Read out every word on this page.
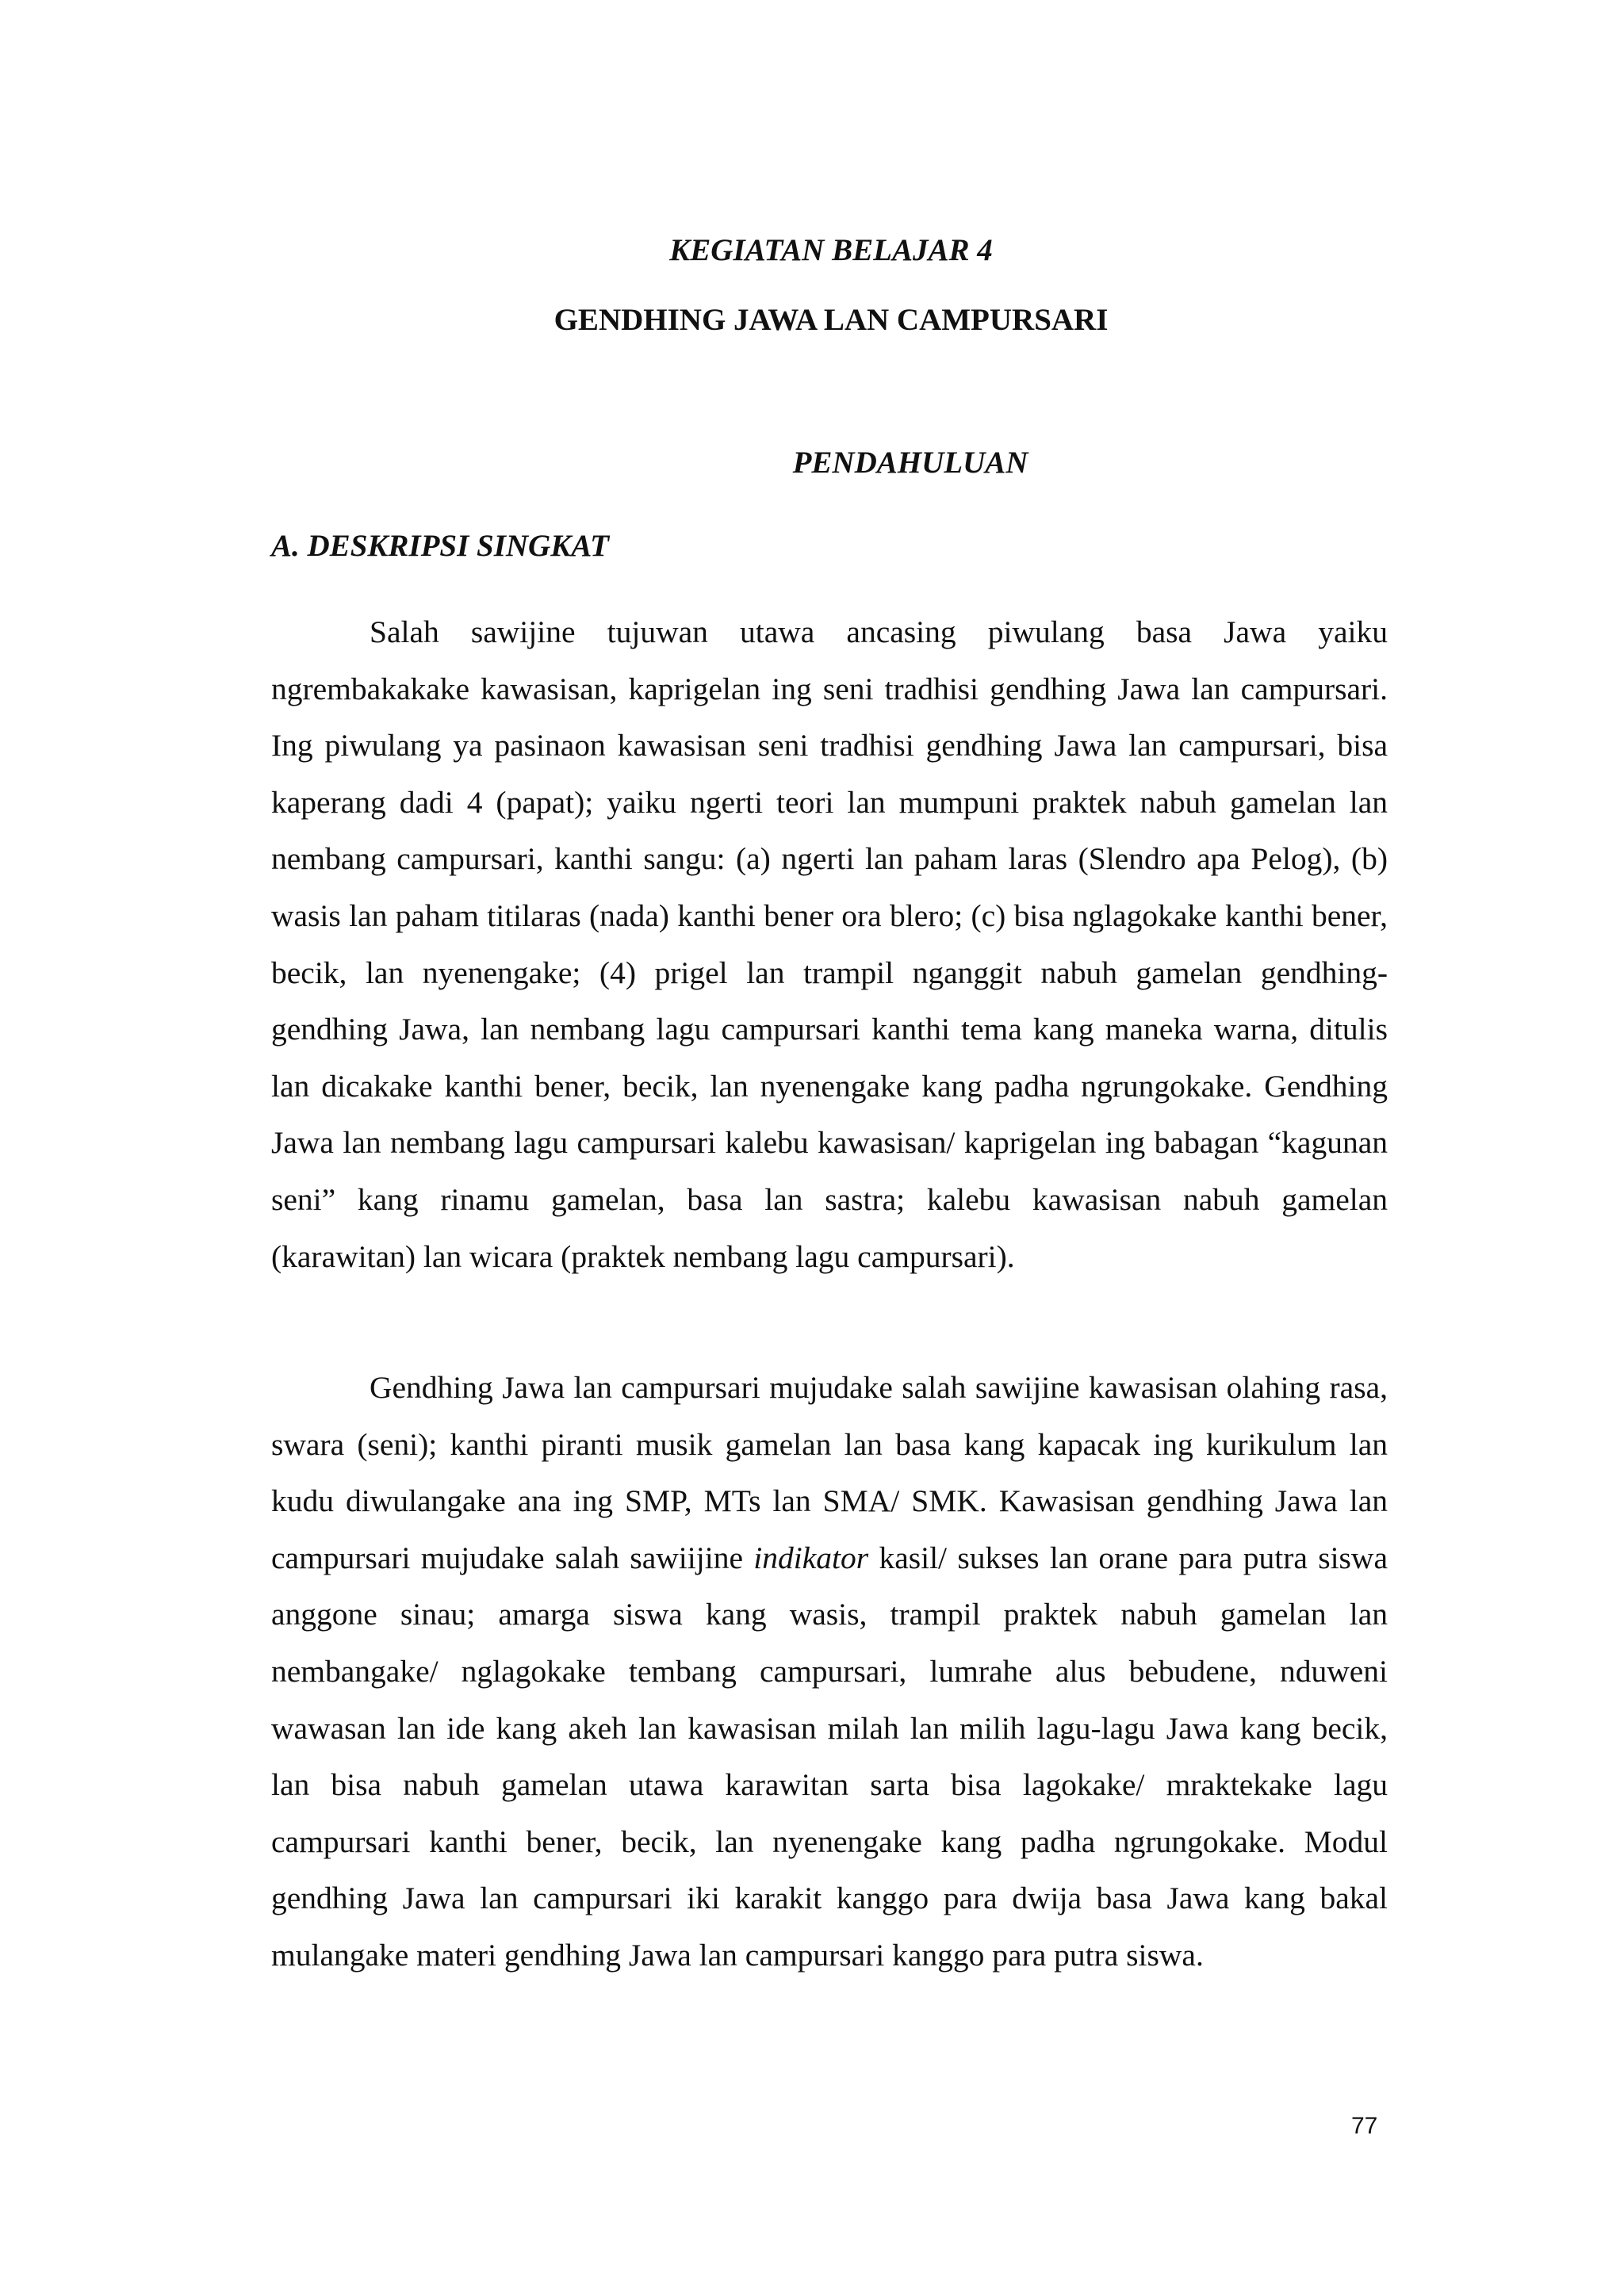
KEGIATAN BELAJAR 4
GENDHING JAWA LAN CAMPURSARI
PENDAHULUAN
A. DESKRIPSI SINGKAT

Salah sawijine tujuwan utawa ancasing piwulang basa Jawa yaiku ngrembakakake kawasisan, kaprigelan ing seni tradhisi gendhing Jawa lan campursari. Ing piwulang ya pasinaon kawasisan seni tradhisi gendhing Jawa lan campursari, bisa kaperang dadi 4 (papat); yaiku ngerti teori lan mumpuni praktek nabuh gamelan lan nembang campursari, kanthi sangu: (a) ngerti lan paham laras (Slendro apa Pelog), (b) wasis lan paham titilaras (nada) kanthi bener ora blero; (c) bisa nglagokake kanthi bener, becik, lan nyenengake; (4) prigel lan trampil nganggit nabuh gamelan gendhing-gendhing Jawa, lan nembang lagu campursari kanthi tema kang maneka warna, ditulis lan dicakake kanthi bener, becik, lan nyenengake kang padha ngrungokake. Gendhing Jawa lan nembang lagu campursari kalebu kawasisan/ kaprigelan ing babagan “kagunan seni” kang rinamu gamelan, basa lan sastra; kalebu kawasisan nabuh gamelan (karawitan) lan wicara (praktek nembang lagu campursari).

Gendhing Jawa lan campursari mujudake salah sawijine kawasisan olahing rasa, swara (seni); kanthi piranti musik gamelan lan basa kang kapacak ing kurikulum lan kudu diwulangake ana ing SMP, MTs lan SMA/ SMK. Kawasisan gendhing Jawa lan campursari mujudake salah sawiijine indikator kasil/ sukses lan orane para putra siswa anggone sinau; amarga siswa kang wasis, trampil praktek nabuh gamelan lan nembangake/ nglagokake tembang campursari, lumrahe alus bebudene, nduweni wawasan lan ide kang akeh lan kawasisan milah lan milih lagu-lagu Jawa kang becik, lan bisa nabuh gamelan utawa karawitan sarta bisa lagokake/ mraktekake lagu campursari kanthi bener, becik, lan nyenengake kang padha ngrungokake. Modul gendhing Jawa lan campursari iki karakit kanggo para dwija basa Jawa kang bakal mulangake materi gendhing Jawa lan campursari kanggo para putra siswa.

77
